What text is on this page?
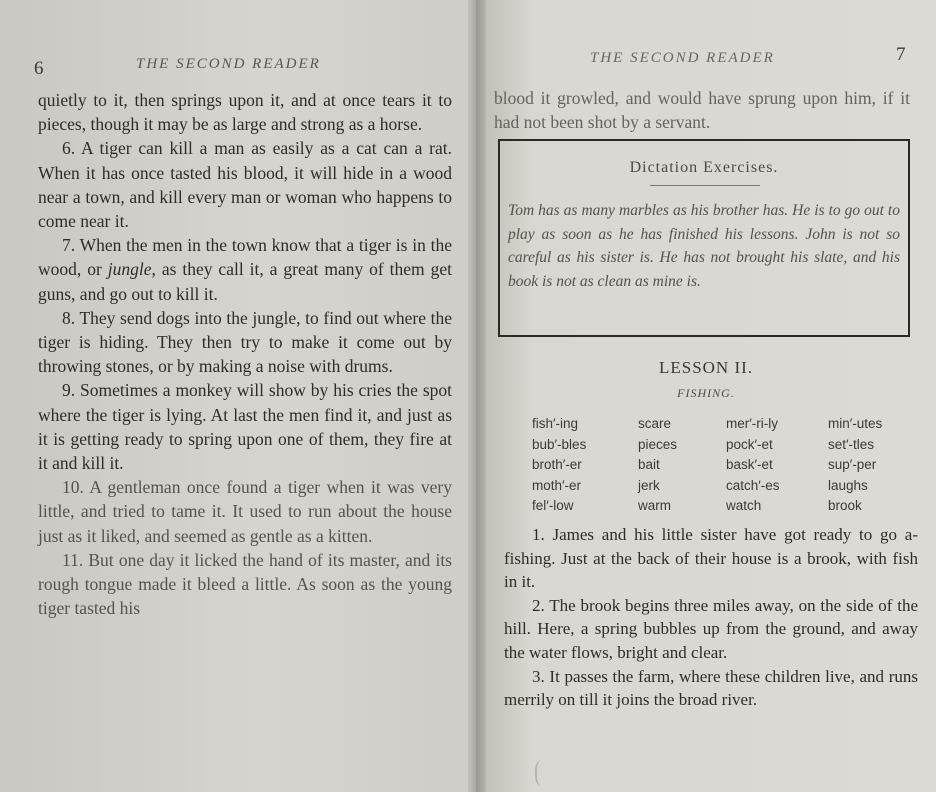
6	THE SECOND READER

quietly to it, then springs upon it, and at once tears it to pieces, though it may be as large and strong as a horse.

6. A tiger can kill a man as easily as a cat can a rat. When it has once tasted his blood, it will hide in a wood near a town, and kill every man or woman who happens to come near it.

7. When the men in the town know that a tiger is in the wood, or jungle, as they call it, a great many of them get guns, and go out to kill it.

8. They send dogs into the jungle, to find out where the tiger is hiding. They then try to make it come out by throwing stones, or by making a noise with drums.

9. Sometimes a monkey will show by his cries the spot where the tiger is lying. At last the men find it, and just as it is getting ready to spring upon one of them, they fire at it and kill it.

10. A gentleman once found a tiger when it was very little, and tried to tame it. It used to run about the house just as it liked, and seemed as gentle as a kitten.

11. But one day it licked the hand of its master, and its rough tongue made it bleed a little. As soon as the young tiger tasted his

THE SECOND READER	7

blood it growled, and would have sprung upon him, if it had not been shot by a servant.

Dictation Exercises.
Tom has as many marbles as his brother has. He is to go out to play as soon as he has finished his lessons. John is not so careful as his sister is. He has not brought his slate, and his book is not as clean as mine is.
LESSON II.
FISHING.
fish′-ing	scare	mer′-ri-ly	min′-utes
bub′-bles	pieces	pock′-et	set′-tles
broth′-er	bait	bask′-et	sup′-per
moth′-er	jerk	catch′-es	laughs
fel′-low	warm	watch	brook

1. James and his little sister have got ready to go a-fishing. Just at the back of their house is a brook, with fish in it.

2. The brook begins three miles away, on the side of the hill. Here, a spring bubbles up from the ground, and away the water flows, bright and clear.

3. It passes the farm, where these children live, and runs merrily on till it joins the broad river.
